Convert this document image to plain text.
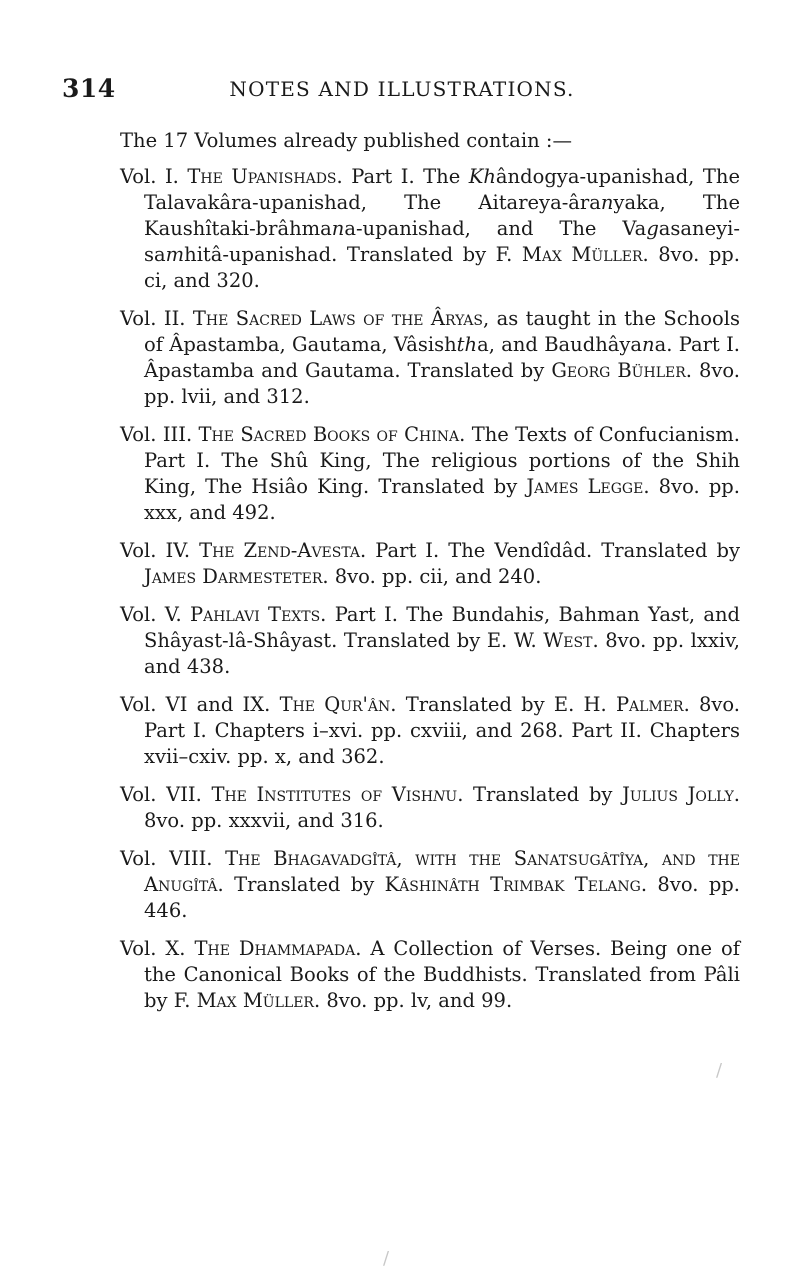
314	NOTES AND ILLUSTRATIONS.

The 17 Volumes already published contain :—

Vol. I. The Upanishads. Part I. The Khândogya-upanishad, The Talavakâra-upanishad, The Aitareya-âranyaka, The Kaushîtaki-brâhmana-upanishad, and The Vagasaneyi-samhitâ-upanishad. Translated by F. Max Müller. 8vo. pp. ci, and 320.

Vol. II. The Sacred Laws of the Âryas, as taught in the Schools of Âpastamba, Gautama, Vâsishtha, and Baudhâyana. Part I. Âpastamba and Gautama. Translated by Georg Bühler. 8vo. pp. lvii, and 312.

Vol. III. The Sacred Books of China. The Texts of Confucianism. Part I. The Shû King, The religious portions of the Shih King, The Hsiâo King. Translated by James Legge. 8vo. pp. xxx, and 492.

Vol. IV. The Zend-Avesta. Part I. The Vendîdâd. Translated by James Darmesteter. 8vo. pp. cii, and 240.

Vol. V. Pahlavi Texts. Part I. The Bundahis, Bahman Yast, and Shâyast-lâ-Shâyast. Translated by E. W. West. 8vo. pp. lxxiv, and 438.

Vol. VI and IX. The Qur'ân. Translated by E. H. Palmer. 8vo. Part I. Chapters i–xvi. pp. cxviii, and 268. Part II. Chapters xvii–cxiv. pp. x, and 362.

Vol. VII. The Institutes of Vishnu. Translated by Julius Jolly. 8vo. pp. xxxvii, and 316.

Vol. VIII. The Bhagavadgîtâ, with the Sanatsugâtîya, and the Anugîtâ. Translated by Kâshinâth Trimbak Telang. 8vo. pp. 446.

Vol. X. The Dhammapada. A Collection of Verses. Being one of the Canonical Books of the Buddhists. Translated from Pâli by F. Max Müller. 8vo. pp. lv, and 99.

/
/
